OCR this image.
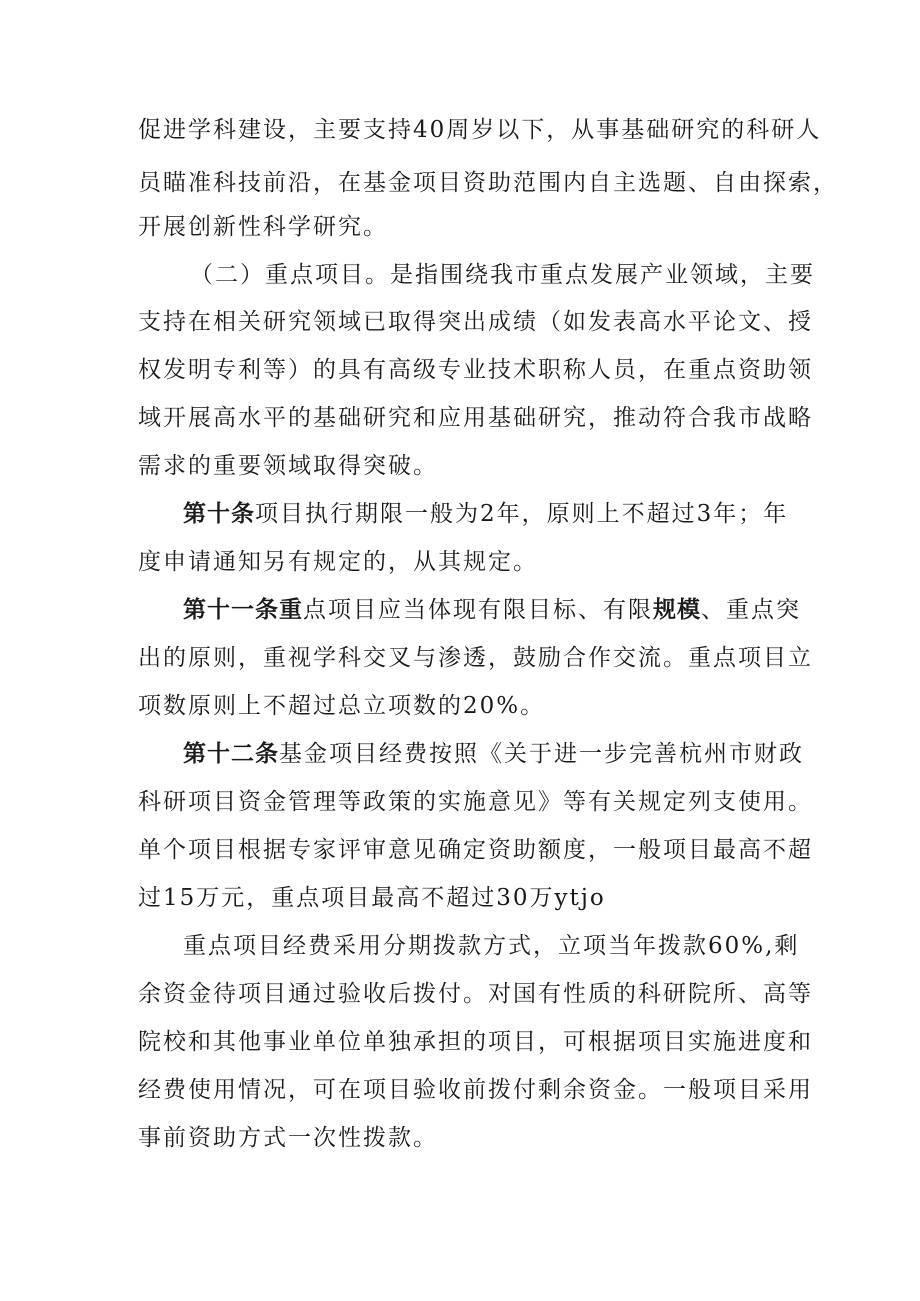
促进学科建设，主要支持40周岁以下，从事基础研究的科研人
员瞄准科技前沿，在基金项目资助范围内自主选题、自由探索，
开展创新性科学研究。
（二）重点项目。是指围绕我市重点发展产业领域，主要
支持在相关研究领域已取得突出成绩（如发表高水平论文、授
权发明专利等）的具有高级专业技术职称人员，在重点资助领
域开展高水平的基础研究和应用基础研究，推动符合我市战略
需求的重要领域取得突破。
第十条项目执行期限一般为2年，原则上不超过3年；年
度申请通知另有规定的，从其规定。
第十一条重点项目应当体现有限目标、有限规模、重点突
出的原则，重视学科交叉与渗透，鼓励合作交流。重点项目立
项数原则上不超过总立项数的20%。
第十二条基金项目经费按照《关于进一步完善杭州市财政
科研项目资金管理等政策的实施意见》等有关规定列支使用。
单个项目根据专家评审意见确定资助额度，一般项目最高不超
过15万元，重点项目最高不超过30万ytjo
重点项目经费采用分期拨款方式，立项当年拨款60%,剩
余资金待项目通过验收后拨付。对国有性质的科研院所、高等
院校和其他事业单位单独承担的项目，可根据项目实施进度和
经费使用情况，可在项目验收前拨付剩余资金。一般项目采用
事前资助方式一次性拨款。
